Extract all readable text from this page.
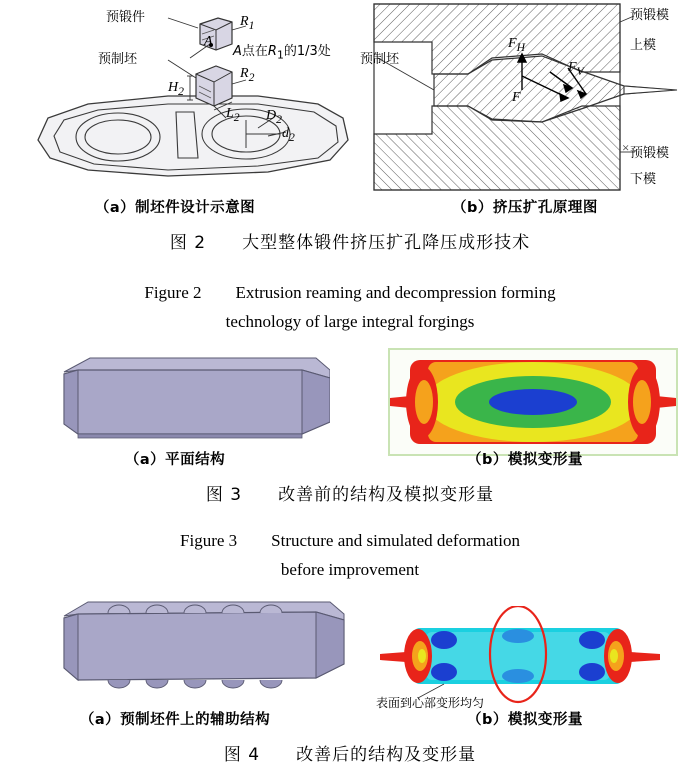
预锻件
预制坯
A点在$R_1$的1/3处
$R_1$
$R_2$
$H_2$
$L_2$ $D_2$
$d_2$
A
×
预锻模
上模
预制坯
预锻模
下模
F
$F_H$
$F_V$
（a）制坯件设计示意图	（b）挤压扩孔原理图
图 2　　大型整体锻件挤压扩孔降压成形技术
Figure 2　　Extrusion reaming and decompression forming
technology of large integral forgings
（a）平面结构	（b）模拟变形量
图 3　　改善前的结构及模拟变形量
Figure 3　　Structure and simulated deformation
before improvement
表面到心部变形均匀
（a）预制坯件上的辅助结构	（b）模拟变形量
图 4　　改善后的结构及变形量
